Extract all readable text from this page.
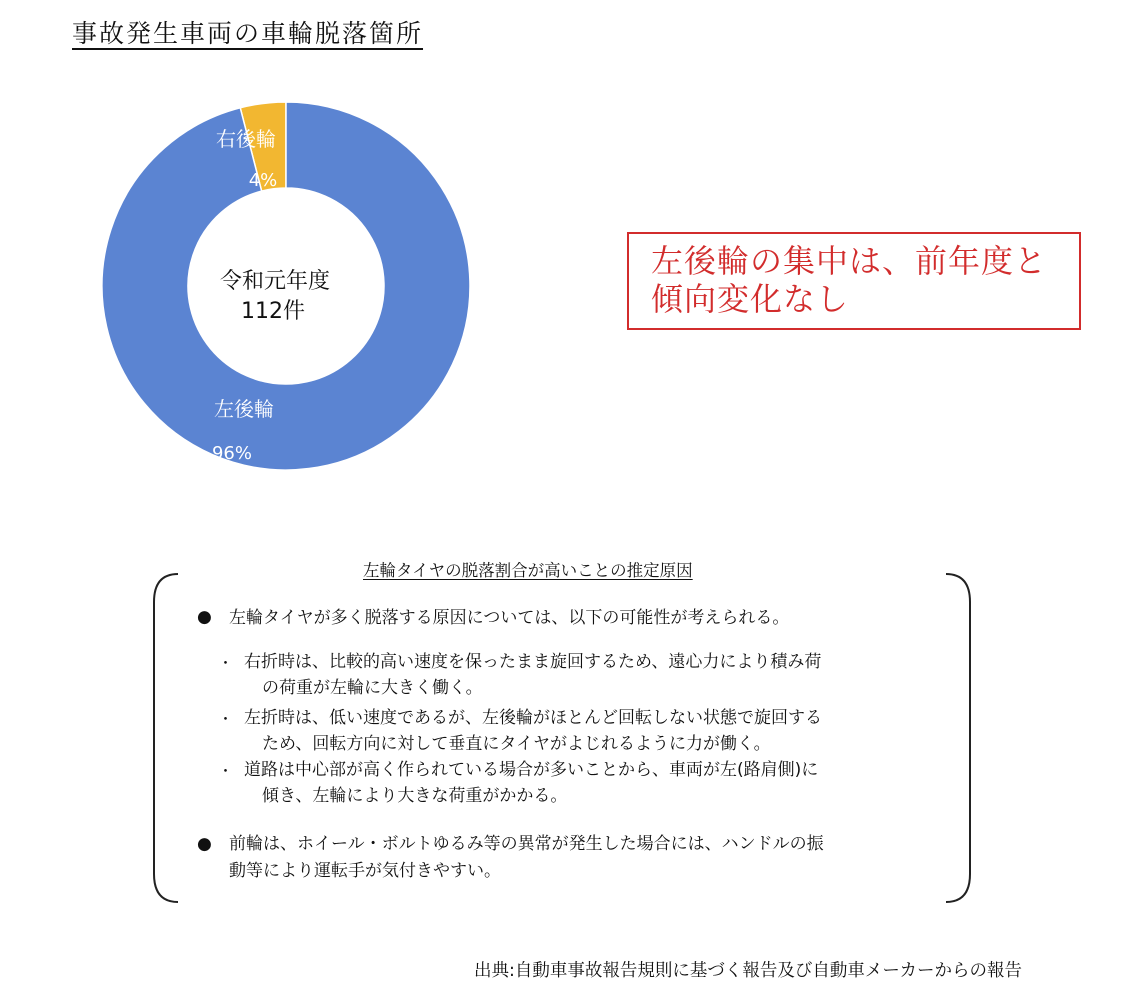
事故発生車両の車輪脱落箇所
右後輪
4%
左後輪
96%
令和元年度
112件
左後輪の集中は、前年度と
傾向変化なし
左輪タイヤの脱落割合が高いことの推定原因
● 左輪タイヤが多く脱落する原因については、以下の可能性が考えられる。
・ 右折時は、比較的高い速度を保ったまま旋回するため、遠心力により積み荷
の荷重が左輪に大きく働く。
・ 左折時は、低い速度であるが、左後輪がほとんど回転しない状態で旋回する
ため、回転方向に対して垂直にタイヤがよじれるように力が働く。
・ 道路は中心部が高く作られている場合が多いことから、車両が左(路肩側)に
傾き、左輪により大きな荷重がかかる。
● 前輪は、ホイール・ボルトゆるみ等の異常が発生した場合には、ハンドルの振
動等により運転手が気付きやすい。
出典:自動車事故報告規則に基づく報告及び自動車メーカーからの報告
